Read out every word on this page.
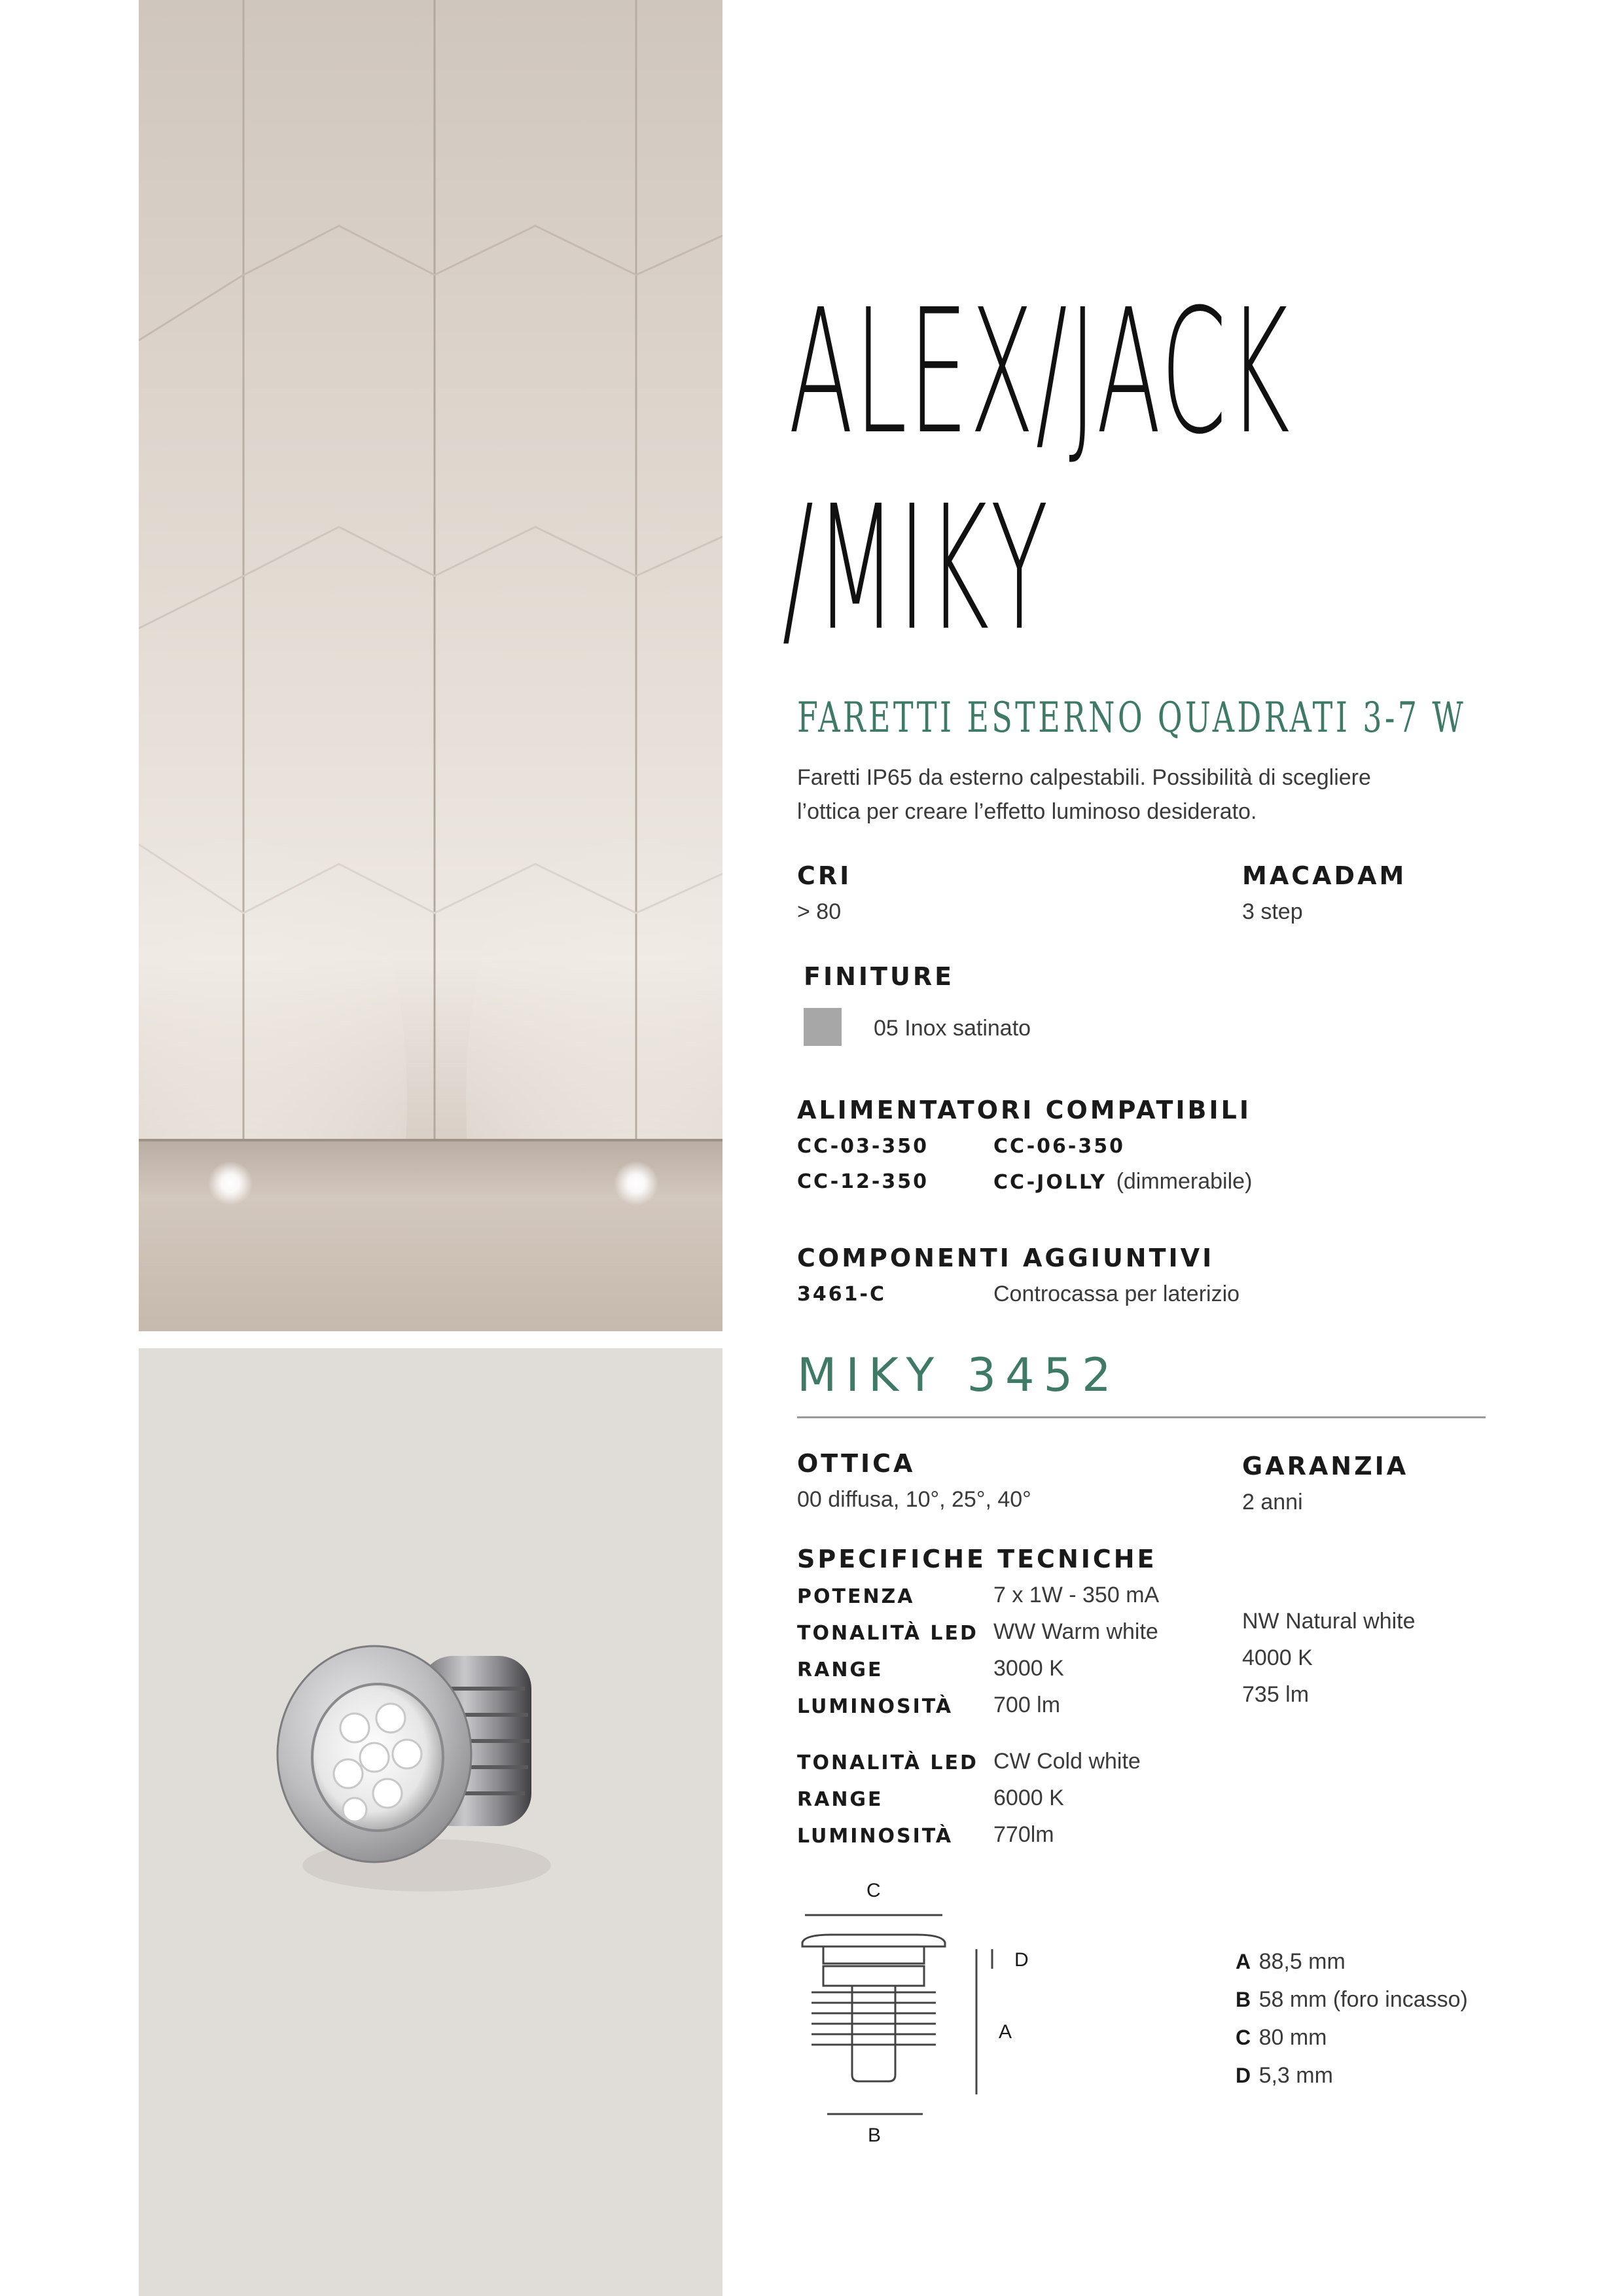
ALEX/JACK
/MIKY
FARETTI ESTERNO QUADRATI 3-7 W
Faretti IP65 da esterno calpestabili. Possibilità di scegliere
l’ottica per creare l’effetto luminoso desiderato.
CRI
> 80
MACADAM
3 step
FINITURE
05 Inox satinato
ALIMENTATORI COMPATIBILI
CC-03-350	CC-06-350
CC-12-350	CC-JOLLY (dimmerabile)
COMPONENTI AGGIUNTIVI
3461-C	Controcassa per laterizio
MIKY 3452
OTTICA
00 diffusa, 10°, 25°, 40°
GARANZIA
2 anni
SPECIFICHE TECNICHE
POTENZA	7 x 1W - 350 mA
TONALITÀ LED WW Warm white
RANGE	3000 K
LUMINOSITÀ 700 lm
NW Natural white
4000 K
735 lm
TONALITÀ LED CW Cold white
RANGE	6000 K
LUMINOSITÀ 770lm
C
D
A
B
A 88,5 mm
B 58 mm (foro incasso)
C 80 mm
D 5,3 mm
